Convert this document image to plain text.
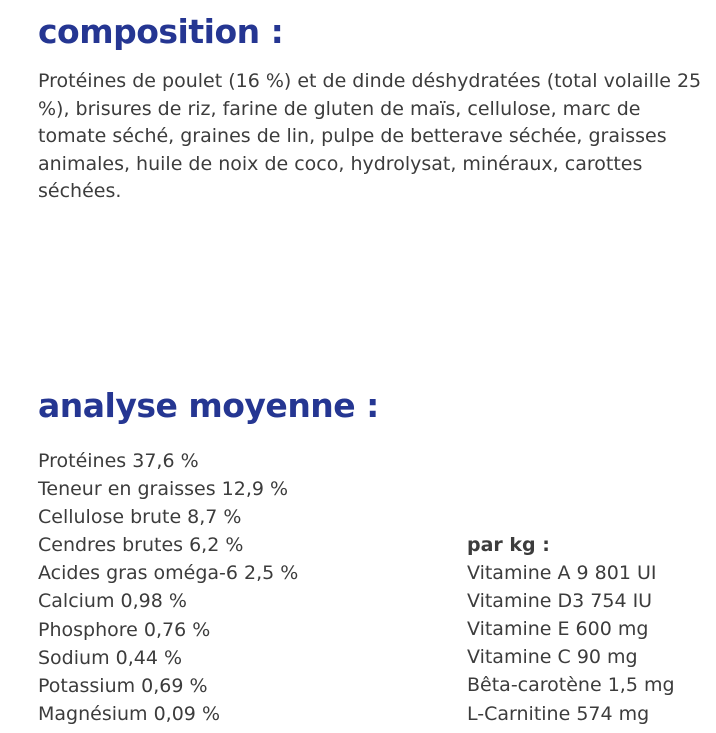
composition :

Protéines de poulet (16 %) et de dinde déshydratées (total volaille 25 %), brisures de riz, farine de gluten de maïs, cellulose, marc de tomate séché, graines de lin, pulpe de betterave séchée, graisses animales, huile de noix de coco, hydrolysat, minéraux, carottes séchées.

analyse moyenne :
Protéines 37,6 %
Teneur en graisses 12,9 %
Cellulose brute 8,7 %
Cendres brutes 6,2 %
Acides gras oméga-6 2,5 %
Calcium 0,98 %
Phosphore 0,76 %
Sodium 0,44 %
Potassium 0,69 %
Magnésium 0,09 %
par kg :
Vitamine A 9 801 UI
Vitamine D3 754 IU
Vitamine E 600 mg
Vitamine C 90 mg
Bêta-carotène 1,5 mg
L-Carnitine 574 mg
